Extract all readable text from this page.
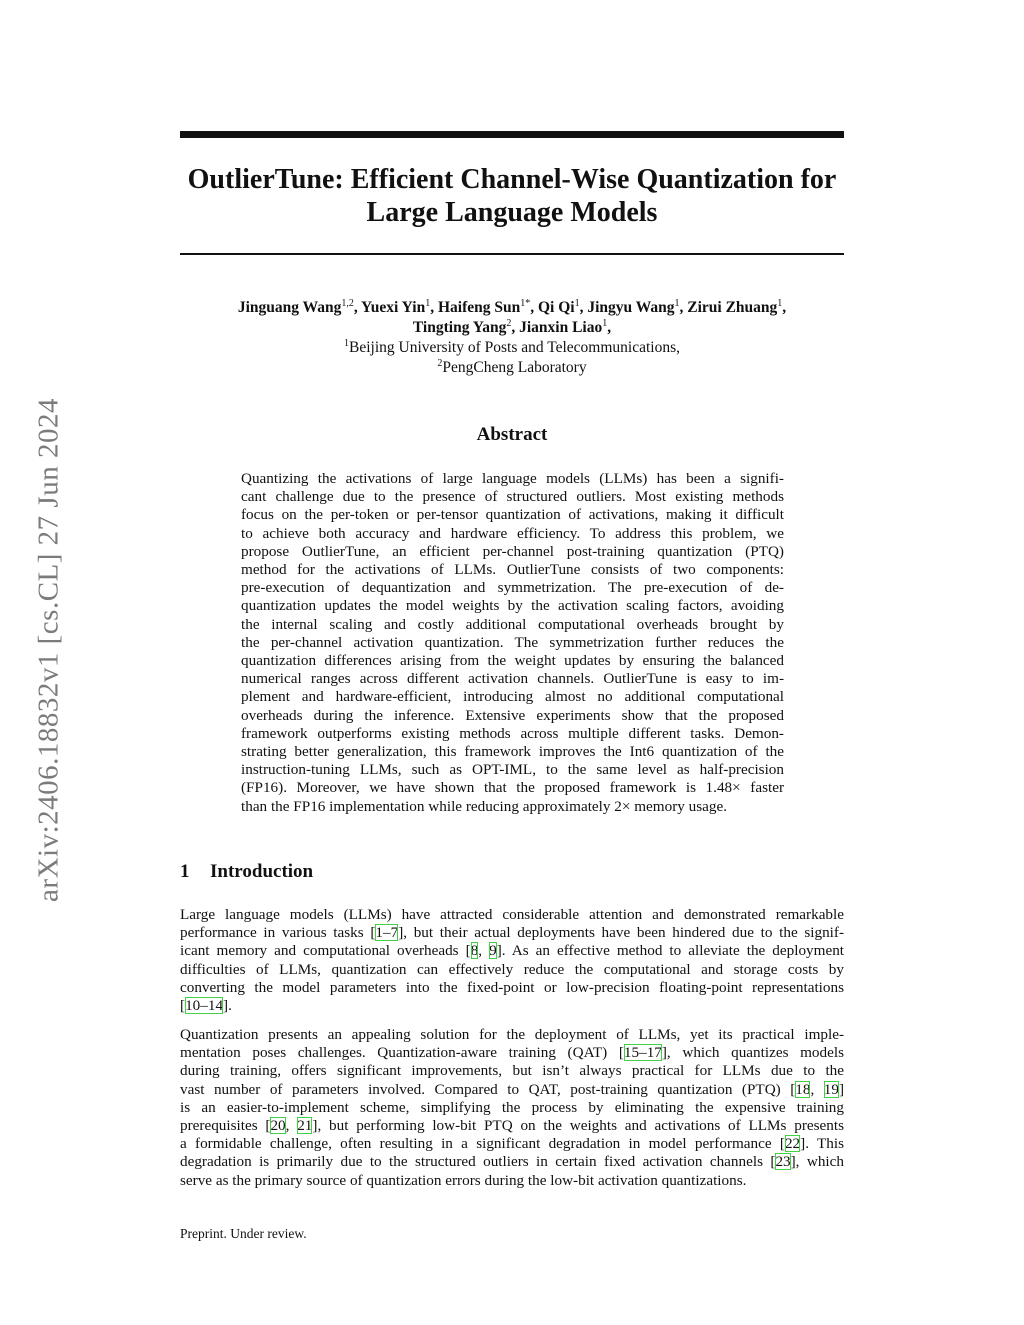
arXiv:2406.18832v1 [cs.CL] 27 Jun 2024
OutlierTune: Efficient Channel-Wise Quantization for
Large Language Models
Jinguang Wang$^{1,2}$, Yuexi Yin$^1$, Haifeng Sun$^{1*}$, Qi Qi$^1$, Jingyu Wang$^1$, Zirui Zhuang$^1$,
Tingting Yang$^2$, Jianxin Liao$^1$,
$^1$Beijing University of Posts and Telecommunications,
$^2$PengCheng Laboratory
Abstract
Quantizing the activations of large language models (LLMs) has been a signifi-
cant challenge due to the presence of structured outliers. Most existing methods
focus on the per-token or per-tensor quantization of activations, making it difficult
to achieve both accuracy and hardware efficiency. To address this problem, we
propose OutlierTune, an efficient per-channel post-training quantization (PTQ)
method for the activations of LLMs. OutlierTune consists of two components:
pre-execution of dequantization and symmetrization. The pre-execution of de-
quantization updates the model weights by the activation scaling factors, avoiding
the internal scaling and costly additional computational overheads brought by
the per-channel activation quantization. The symmetrization further reduces the
quantization differences arising from the weight updates by ensuring the balanced
numerical ranges across different activation channels. OutlierTune is easy to im-
plement and hardware-efficient, introducing almost no additional computational
overheads during the inference. Extensive experiments show that the proposed
framework outperforms existing methods across multiple different tasks. Demon-
strating better generalization, this framework improves the Int6 quantization of the
instruction-tuning LLMs, such as OPT-IML, to the same level as half-precision
(FP16). Moreover, we have shown that the proposed framework is 1.48× faster
than the FP16 implementation while reducing approximately 2× memory usage.
1 Introduction
Large language models (LLMs) have attracted considerable attention and demonstrated remarkable
performance in various tasks [1–7], but their actual deployments have been hindered due to the signif-
icant memory and computational overheads [8, 9]. As an effective method to alleviate the deployment
difficulties of LLMs, quantization can effectively reduce the computational and storage costs by
converting the model parameters into the fixed-point or low-precision floating-point representations
[10–14].
Quantization presents an appealing solution for the deployment of LLMs, yet its practical imple-
mentation poses challenges. Quantization-aware training (QAT) [15–17], which quantizes models
during training, offers significant improvements, but isn’t always practical for LLMs due to the
vast number of parameters involved. Compared to QAT, post-training quantization (PTQ) [18, 19]
is an easier-to-implement scheme, simplifying the process by eliminating the expensive training
prerequisites [20, 21], but performing low-bit PTQ on the weights and activations of LLMs presents
a formidable challenge, often resulting in a significant degradation in model performance [22]. This
degradation is primarily due to the structured outliers in certain fixed activation channels [23], which
serve as the primary source of quantization errors during the low-bit activation quantizations.
Preprint. Under review.
